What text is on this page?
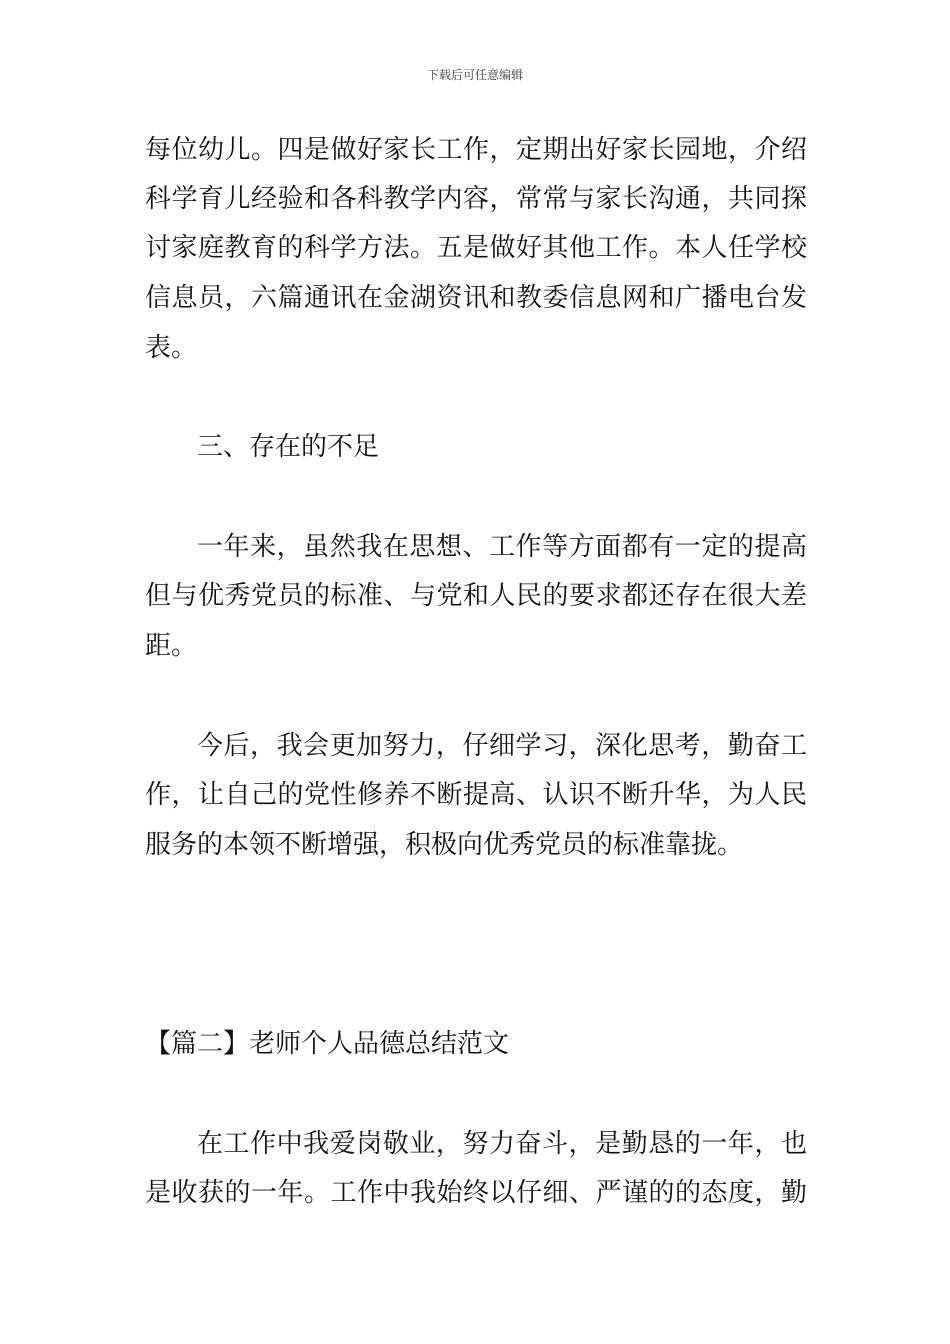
下载后可任意编辑
每位幼儿。四是做好家长工作，定期出好家长园地，介绍
科学育儿经验和各科教学内容，常常与家长沟通，共同探
讨家庭教育的科学方法。五是做好其他工作。本人任学校
信息员，六篇通讯在金湖资讯和教委信息网和广播电台发
表。
三、存在的不足
一年来，虽然我在思想、工作等方面都有一定的提高
但与优秀党员的标准、与党和人民的要求都还存在很大差
距。
今后，我会更加努力，仔细学习，深化思考，勤奋工
作，让自己的党性修养不断提高、认识不断升华，为人民
服务的本领不断增强，积极向优秀党员的标准靠拢。
【篇二】老师个人品德总结范文
在工作中我爱岗敬业，努力奋斗，是勤恳的一年，也
是收获的一年。工作中我始终以仔细、严谨的的态度，勤
